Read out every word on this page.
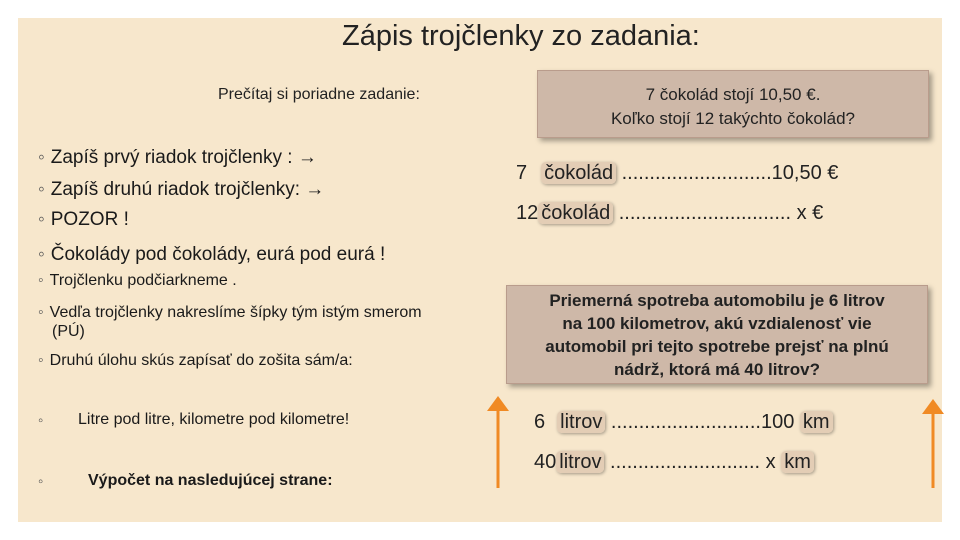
Zápis trojčlenky zo zadania:
Prečítaj si poriadne zadanie:	7 čokolád stojí 10,50 €.
Koľko stojí 12 takýchto čokolád?
◦ Zapíš prvý riadok trojčlenky : →
◦ Zapíš druhú riadok trojčlenky: →
◦ POZOR !
◦ Čokolády pod čokolády, eurá pod eurá !
◦ Trojčlenku podčiarkneme .
◦ Vedľa trojčlenky nakreslíme šípky tým istým smerom
(PÚ)
◦ Druhú úlohu skús zapísať do zošita sám/a:
◦ Litre pod litre, kilometre pod kilometre!
◦	Výpočet na nasledujúcej strane:
7 čokolád ...........................10,50 €
12 čokolád ............................... x €
Priemerná spotreba automobilu je 6 litrov
na 100 kilometrov, akú vzdialenosť vie
automobil pri tejto spotrebe prejsť na plnú
nádrž, ktorá má 40 litrov?
6 litrov ...........................100 km
40 litrov ........................... x km
